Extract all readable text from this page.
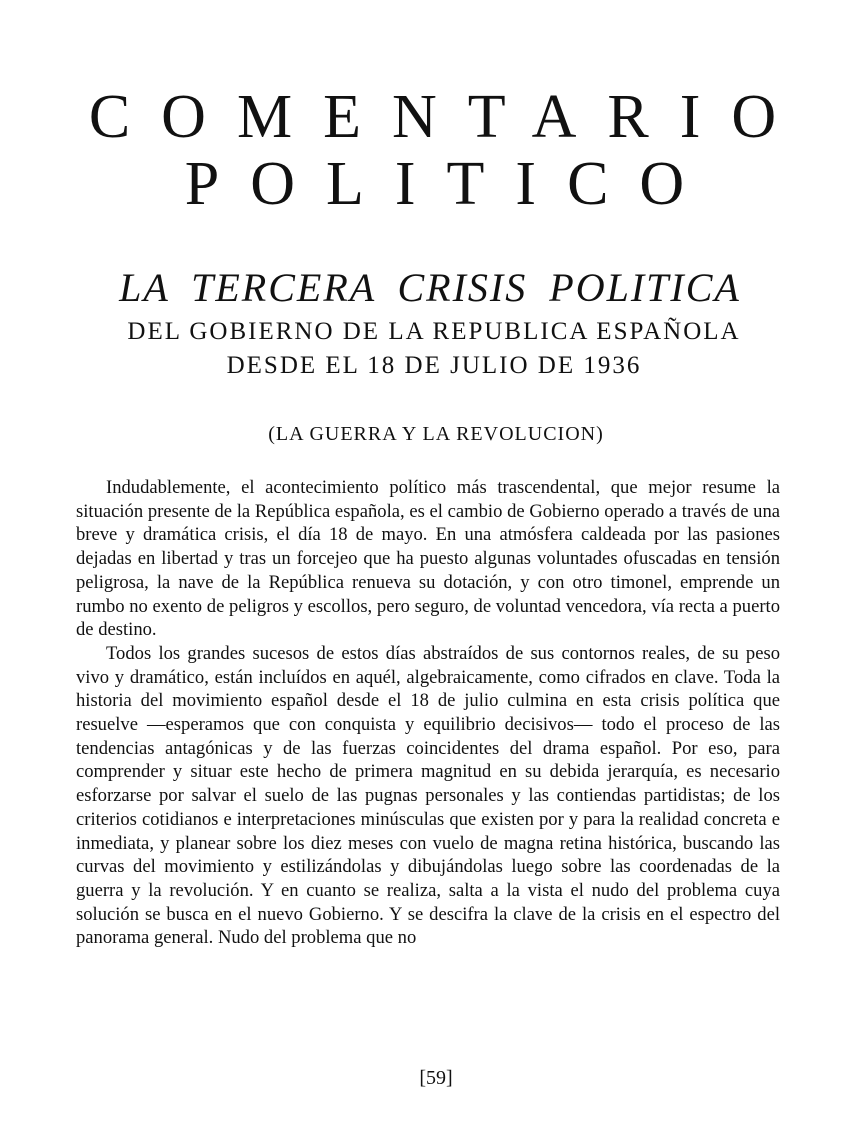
COMENTARIO
POLITICO
LA TERCERA CRISIS POLITICA
DEL GOBIERNO DE LA REPUBLICA ESPAÑOLA
DESDE EL 18 DE JULIO DE 1936
(LA GUERRA Y LA REVOLUCION)

Indudablemente, el acontecimiento político más trascendental, que mejor resume la situación presente de la República española, es el cambio de Gobierno operado a través de una breve y dramática crisis, el día 18 de mayo. En una atmósfera caldeada por las pasiones dejadas en libertad y tras un forcejeo que ha puesto algunas voluntades ofuscadas en tensión peligrosa, la nave de la República renueva su dotación, y con otro timonel, emprende un rumbo no exento de peligros y escollos, pero seguro, de voluntad vencedora, vía recta a puerto de destino.

Todos los grandes sucesos de estos días abstraídos de sus contornos reales, de su peso vivo y dramático, están incluídos en aquél, algebraicamente, como cifrados en clave. Toda la historia del movimiento español desde el 18 de julio culmina en esta crisis política que resuelve —esperamos que con conquista y equilibrio decisivos— todo el proceso de las tendencias antagónicas y de las fuerzas coincidentes del drama español. Por eso, para comprender y situar este hecho de primera magnitud en su debida jerarquía, es necesario esforzarse por salvar el suelo de las pugnas personales y las contiendas partidistas; de los criterios cotidianos e interpretaciones minúsculas que existen por y para la realidad concreta e inmediata, y planear sobre los diez meses con vuelo de magna retina histórica, buscando las curvas del movimiento y estilizándolas y dibujándolas luego sobre las coordenadas de la guerra y la revolución. Y en cuanto se realiza, salta a la vista el nudo del problema cuya solución se busca en el nuevo Gobierno. Y se descifra la clave de la crisis en el espectro del panorama general. Nudo del problema que no

[59]
